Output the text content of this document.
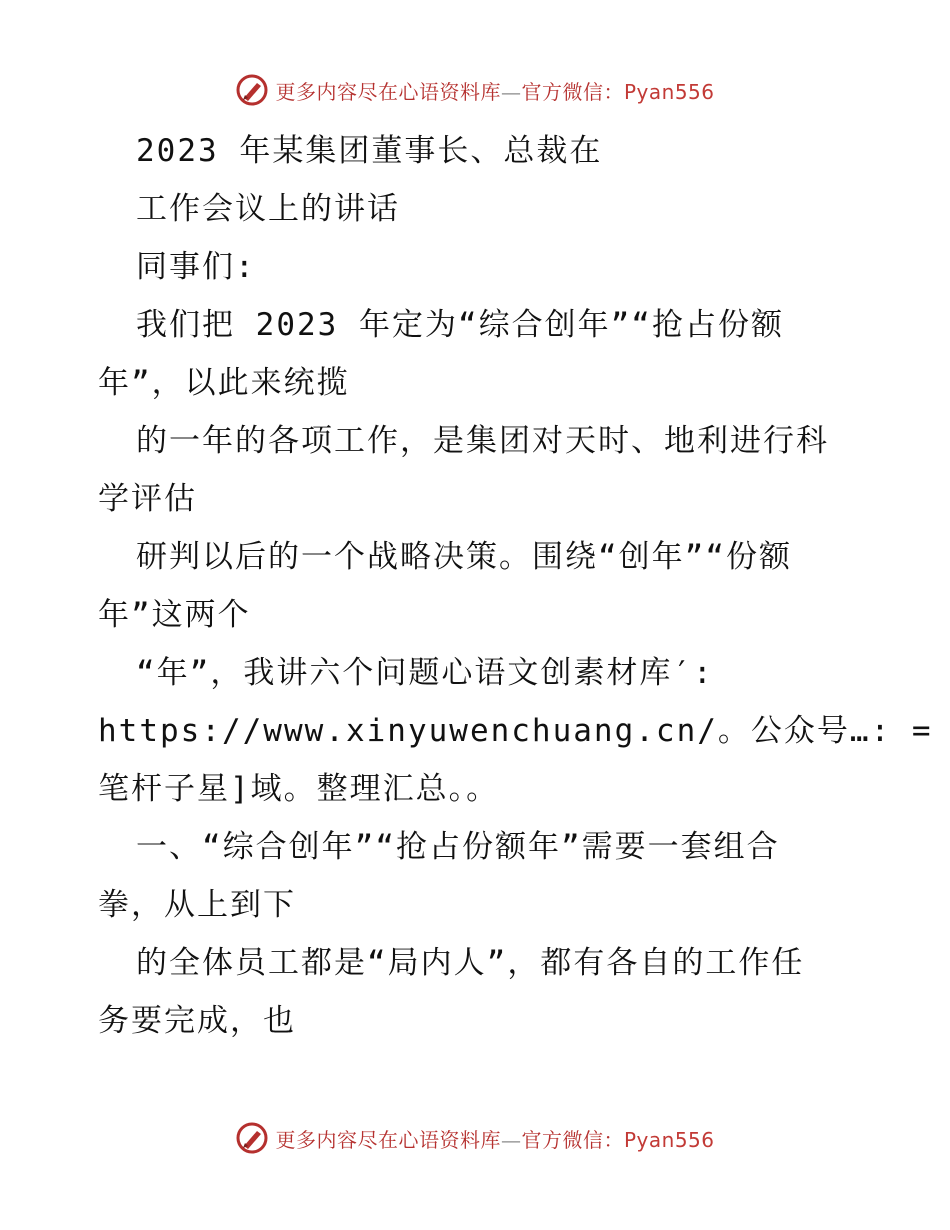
更多内容尽在心语资料库—官方微信：Pyan556
2023 年某集团董事长、总裁在
工作会议上的讲话
同事们:
我们把 2023 年定为“综合创年”“抢占份额
年”，以此来统揽
的一年的各项工作，是集团对天时、地利进行科
学评估
研判以后的一个战略决策。围绕“创年”“份额
年”这两个
“年”，我讲六个问题心语文创素材库′:
https://www.xinyuwenchuang.cn/。公众号…: =
笔杆子星]域。整理汇总。。
一、“综合创年”“抢占份额年”需要一套组合
拳，从上到下
的全体员工都是“局内人”，都有各自的工作任
务要完成，也
更多内容尽在心语资料库—官方微信：Pyan556
